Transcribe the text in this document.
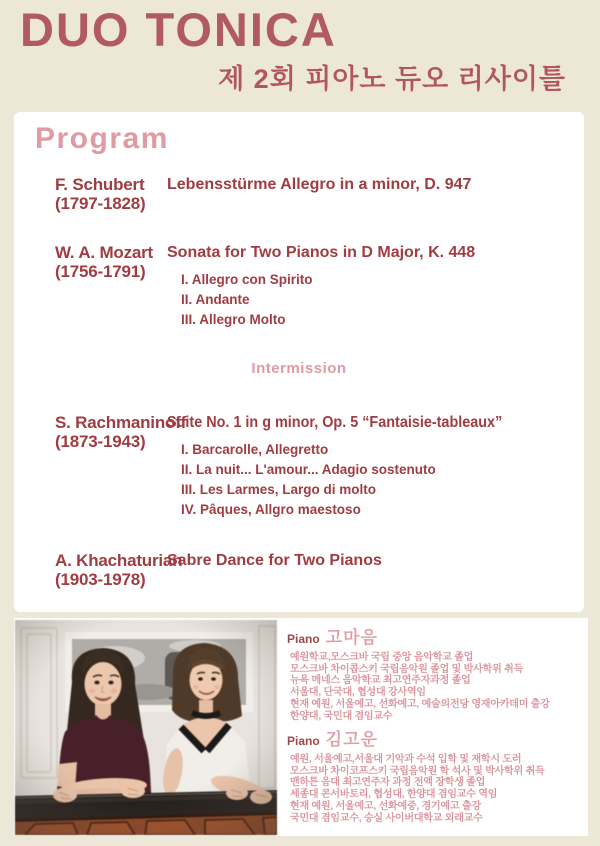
DUO TONICA
제 2회 피아노 듀오 리사이틀
Program
F. Schubert
(1797-1828)
Lebensstürme Allegro in a minor, D. 947
W. A. Mozart
(1756-1791)
Sonata for Two Pianos in D Major, K. 448
I. Allegro con Spirito
II. Andante
III. Allegro Molto
Intermission
S. Rachmaninoff
(1873-1943)
Suite No. 1 in g minor, Op. 5 “Fantaisie-tableaux”
I. Barcarolle, Allegretto
II. La nuit... L'amour... Adagio sostenuto
III. Les Larmes, Largo di molto
IV. Pâques, Allgro maestoso
A. Khachaturian
(1903-1978)
Sabre Dance for Two Pianos
Piano 고마음
예원학교,모스크바 국립 중앙 음악학교 졸업
모스크바 차이콥스키 국립음악원 졸업 및 박사학위 취득
뉴욕 메네스 음악학교 최고연주자과정 졸업
서울대, 단국대, 협성대 강사역임
현재 예원, 서울예고, 선화예고, 예술의전당 영재아카데미 출강
한양대, 국민대 겸임교수
Piano 김고운
예원, 서울예고,서울대 기악과 수석 입학 및 재학시 도러
모스크바 차이코프스키 국립음악원 학 석사 및 박사학위 취득
맨하튼 음대 최고연주자 과정 전액 장학생 졸업
세종대 콘서바토리, 협성대, 한양대 겸임교수 역임
현재 예원, 서울예고, 선화예중, 경기예고 출강
국민대 겸임교수, 숭실 사이버대학교 외래교수
